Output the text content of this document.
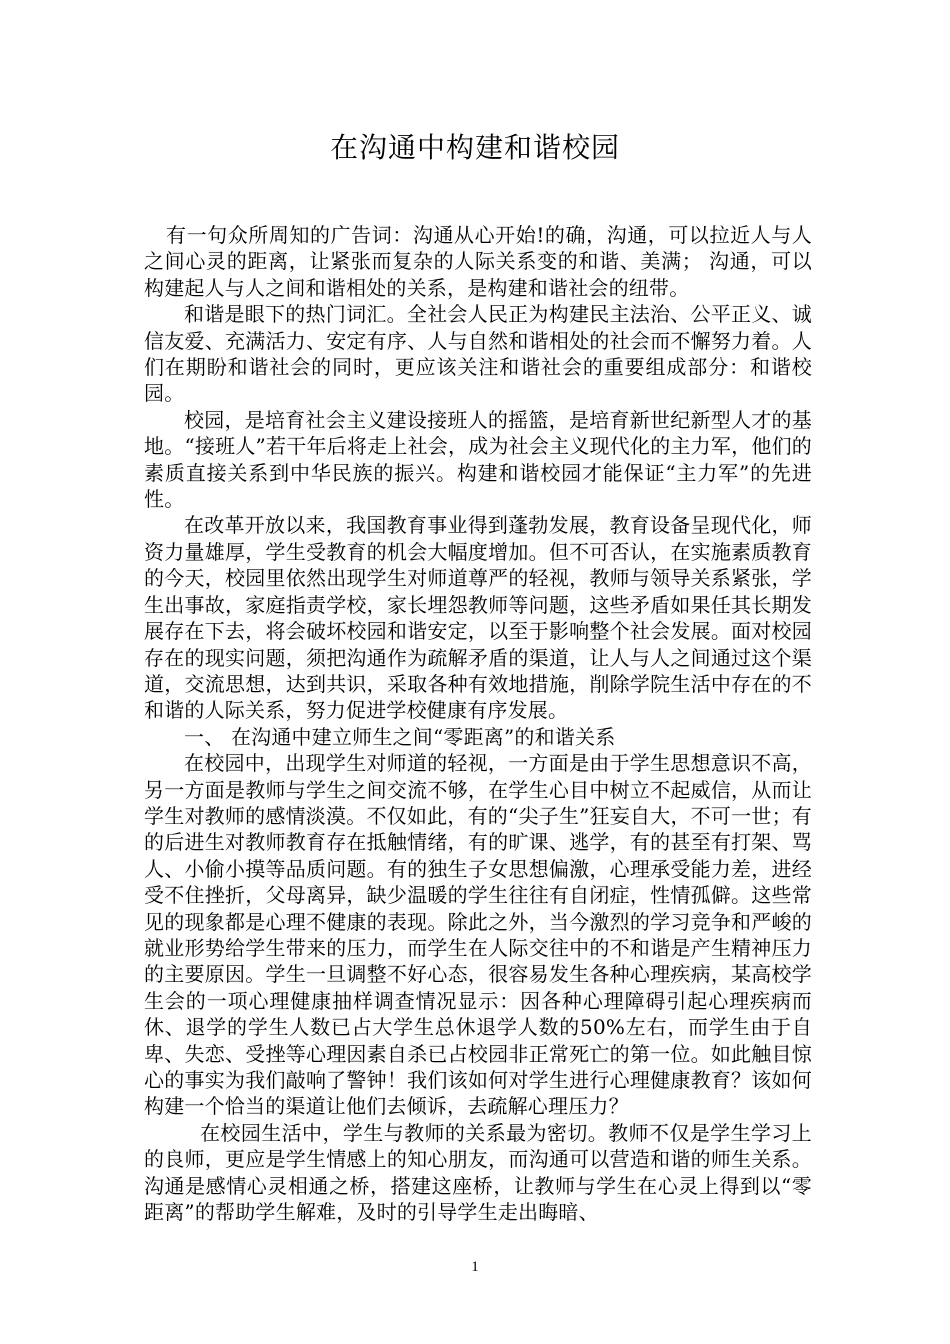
在沟通中构建和谐校园

有一句众所周知的广告词：沟通从心开始!的确，沟通，可以拉近人与人之间心灵的距离，让紧张而复杂的人际关系变的和谐、美满； 沟通，可以构建起人与人之间和谐相处的关系，是构建和谐社会的纽带。

和谐是眼下的热门词汇。全社会人民正为构建民主法治、公平正义、诚信友爱、充满活力、安定有序、人与自然和谐相处的社会而不懈努力着。人们在期盼和谐社会的同时，更应该关注和谐社会的重要组成部分：和谐校园。

校园，是培育社会主义建设接班人的摇篮，是培育新世纪新型人才的基地。“接班人”若干年后将走上社会，成为社会主义现代化的主力军，他们的素质直接关系到中华民族的振兴。构建和谐校园才能保证“主力军”的先进性。

在改革开放以来，我国教育事业得到蓬勃发展，教育设备呈现代化，师资力量雄厚，学生受教育的机会大幅度增加。但不可否认，在实施素质教育的今天，校园里依然出现学生对师道尊严的轻视，教师与领导关系紧张，学生出事故，家庭指责学校，家长埋怨教师等问题，这些矛盾如果任其长期发展存在下去，将会破坏校园和谐安定，以至于影响整个社会发展。面对校园存在的现实问题，须把沟通作为疏解矛盾的渠道，让人与人之间通过这个渠道，交流思想，达到共识，采取各种有效地措施，削除学院生活中存在的不和谐的人际关系，努力促进学校健康有序发展。

一、 在沟通中建立师生之间“零距离”的和谐关系

在校园中，出现学生对师道的轻视，一方面是由于学生思想意识不高，另一方面是教师与学生之间交流不够，在学生心目中树立不起威信，从而让学生对教师的感情淡漠。不仅如此，有的“尖子生”狂妄自大，不可一世；有的后进生对教师教育存在抵触情绪，有的旷课、逃学，有的甚至有打架、骂人、小偷小摸等品质问题。有的独生子女思想偏激，心理承受能力差，进经受不住挫折，父母离异，缺少温暖的学生往往有自闭症，性情孤僻。这些常见的现象都是心理不健康的表现。除此之外，当今激烈的学习竞争和严峻的就业形势给学生带来的压力，而学生在人际交往中的不和谐是产生精神压力的主要原因。学生一旦调整不好心态，很容易发生各种心理疾病，某高校学生会的一项心理健康抽样调查情况显示：因各种心理障碍引起心理疾病而休、退学的学生人数已占大学生总休退学人数的50%左右，而学生由于自卑、失恋、受挫等心理因素自杀已占校园非正常死亡的第一位。如此触目惊心的事实为我们敲响了警钟！我们该如何对学生进行心理健康教育？该如何构建一个恰当的渠道让他们去倾诉，去疏解心理压力？

在校园生活中，学生与教师的关系最为密切。教师不仅是学生学习上的良师，更应是学生情感上的知心朋友，而沟通可以营造和谐的师生关系。沟通是感情心灵相通之桥，搭建这座桥，让教师与学生在心灵上得到以“零距离”的帮助学生解难，及时的引导学生走出晦暗、

1
